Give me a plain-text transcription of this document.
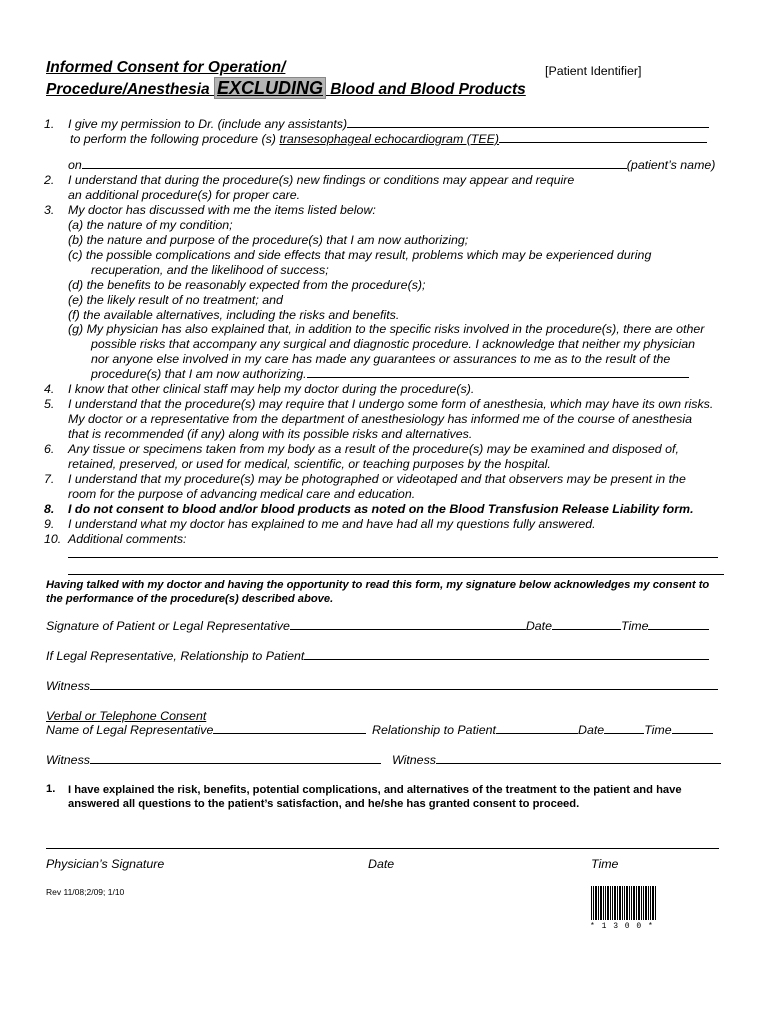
Informed Consent for Operation/
Procedure/Anesthesia EXCLUDING Blood and Blood Products
[Patient Identifier]
1.	I give my permission to Dr. (include any assistants)
to perform the following procedure (s) transesophageal echocardiogram (TEE)
on	(patient’s name)
2.	I understand that during the procedure(s) new findings or conditions may appear and require
an additional procedure(s) for proper care.
3.	My doctor has discussed with me the items listed below:
(a) the nature of my condition;
(b) the nature and purpose of the procedure(s) that I am now authorizing;
(c) the possible complications and side effects that may result, problems which may be experienced during
recuperation, and the likelihood of success;
(d) the benefits to be reasonably expected from the procedure(s);
(e) the likely result of no treatment; and
(f) the available alternatives, including the risks and benefits.
(g) My physician has also explained that, in addition to the specific risks involved in the procedure(s), there are other
possible risks that accompany any surgical and diagnostic procedure. I acknowledge that neither my physician
nor anyone else involved in my care has made any guarantees or assurances to me as to the result of the
procedure(s) that I am now authorizing.
4.	I know that other clinical staff may help my doctor during the procedure(s).
5.	I understand that the procedure(s) may require that I undergo some form of anesthesia, which may have its own risks.
My doctor or a representative from the department of anesthesiology has informed me of the course of anesthesia
that is recommended (if any) along with its possible risks and alternatives.
6.	Any tissue or specimens taken from my body as a result of the procedure(s) may be examined and disposed of,
retained, preserved, or used for medical, scientific, or teaching purposes by the hospital.
7.	I understand that my procedure(s) may be photographed or videotaped and that observers may be present in the
room for the purpose of advancing medical care and education.
8.	I do not consent to blood and/or blood products as noted on the Blood Transfusion Release Liability form.
9.	I understand what my doctor has explained to me and have had all my questions fully answered.
10. Additional comments:
Having talked with my doctor and having the opportunity to read this form, my signature below acknowledges my consent to
the performance of the procedure(s) described above.
Signature of Patient or Legal Representative	Date	Time
If Legal Representative, Relationship to Patient
Witness
Verbal or Telephone Consent
Name of Legal Representative	Relationship to Patient	Date	Time
Witness	Witness
1. I have explained the risk, benefits, potential complications, and alternatives of the treatment to the patient and have
answered all questions to the patient’s satisfaction, and he/she has granted consent to proceed.
Physician’s Signature	Date	Time
Rev 11/08;2/09; 1/10
* 1 3 0 0 *
